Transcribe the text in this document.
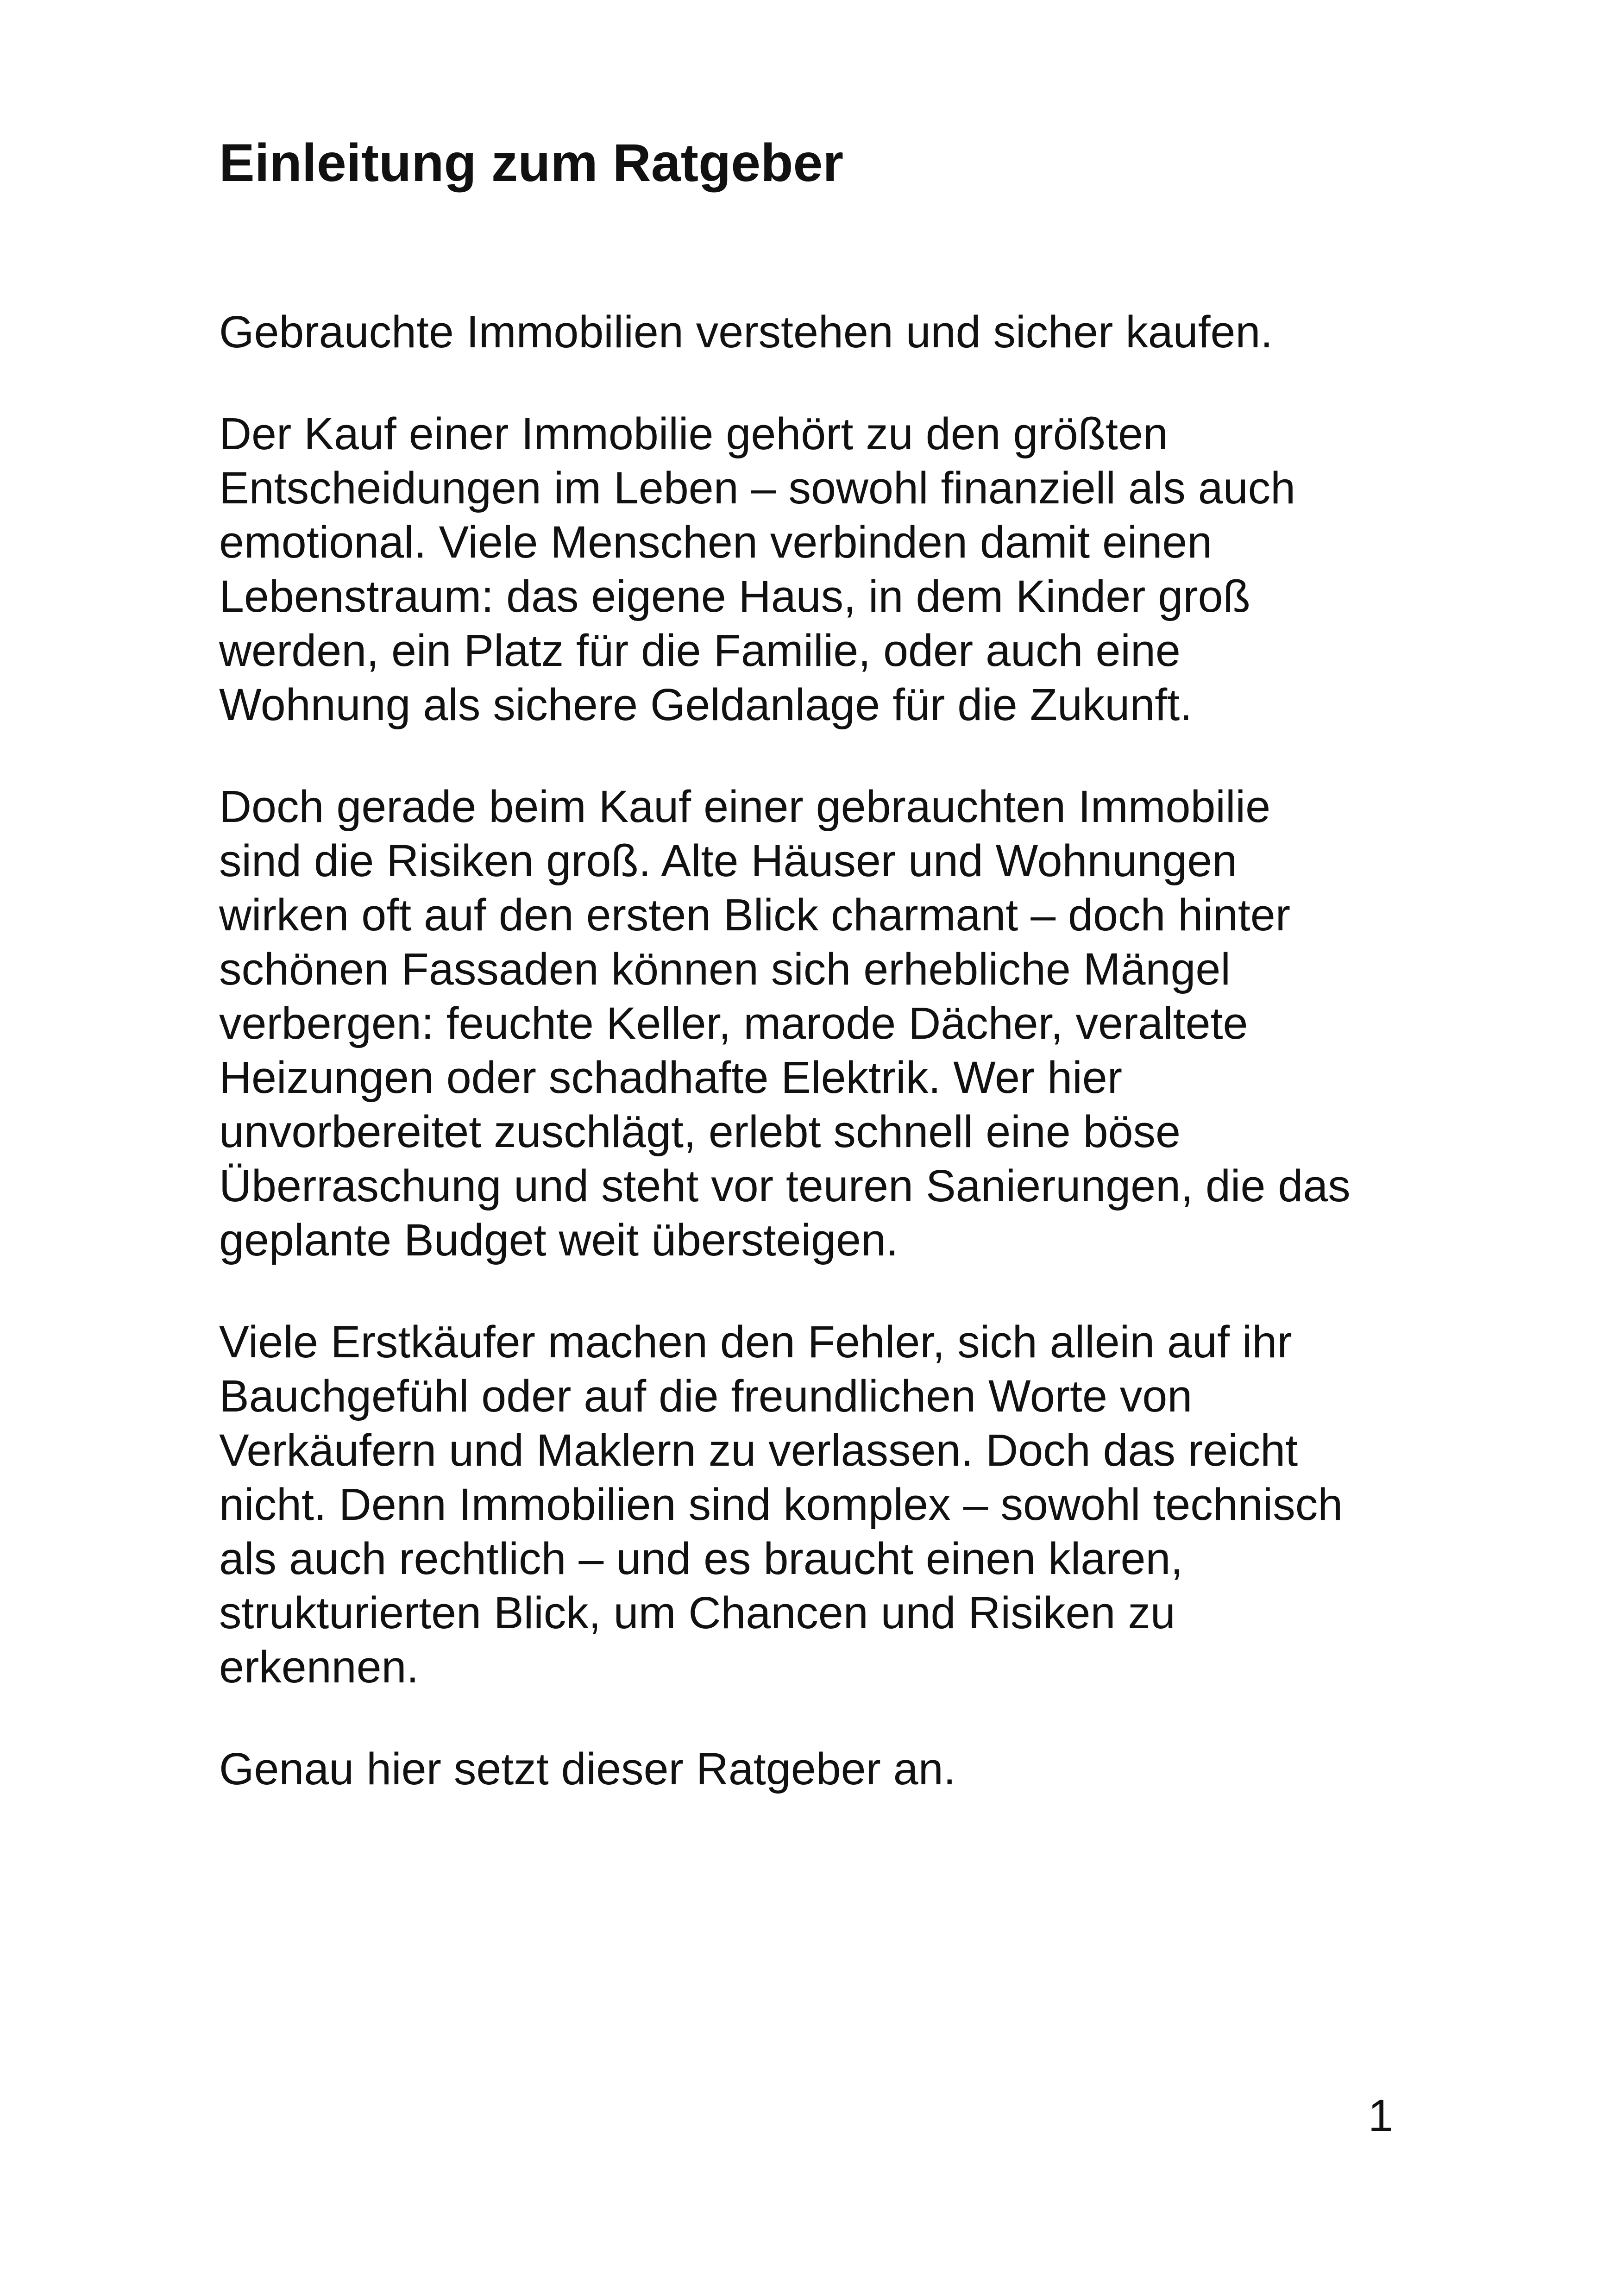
Einleitung zum Ratgeber

Gebrauchte Immobilien verstehen und sicher kaufen.

Der Kauf einer Immobilie gehört zu den größten
Entscheidungen im Leben – sowohl finanziell als auch
emotional. Viele Menschen verbinden damit einen
Lebenstraum: das eigene Haus, in dem Kinder groß
werden, ein Platz für die Familie, oder auch eine
Wohnung als sichere Geldanlage für die Zukunft.

Doch gerade beim Kauf einer gebrauchten Immobilie
sind die Risiken groß. Alte Häuser und Wohnungen
wirken oft auf den ersten Blick charmant – doch hinter
schönen Fassaden können sich erhebliche Mängel
verbergen: feuchte Keller, marode Dächer, veraltete
Heizungen oder schadhafte Elektrik. Wer hier
unvorbereitet zuschlägt, erlebt schnell eine böse
Überraschung und steht vor teuren Sanierungen, die das
geplante Budget weit übersteigen.

Viele Erstkäufer machen den Fehler, sich allein auf ihr
Bauchgefühl oder auf die freundlichen Worte von
Verkäufern und Maklern zu verlassen. Doch das reicht
nicht. Denn Immobilien sind komplex – sowohl technisch
als auch rechtlich – und es braucht einen klaren,
strukturierten Blick, um Chancen und Risiken zu
erkennen.

Genau hier setzt dieser Ratgeber an.

1
